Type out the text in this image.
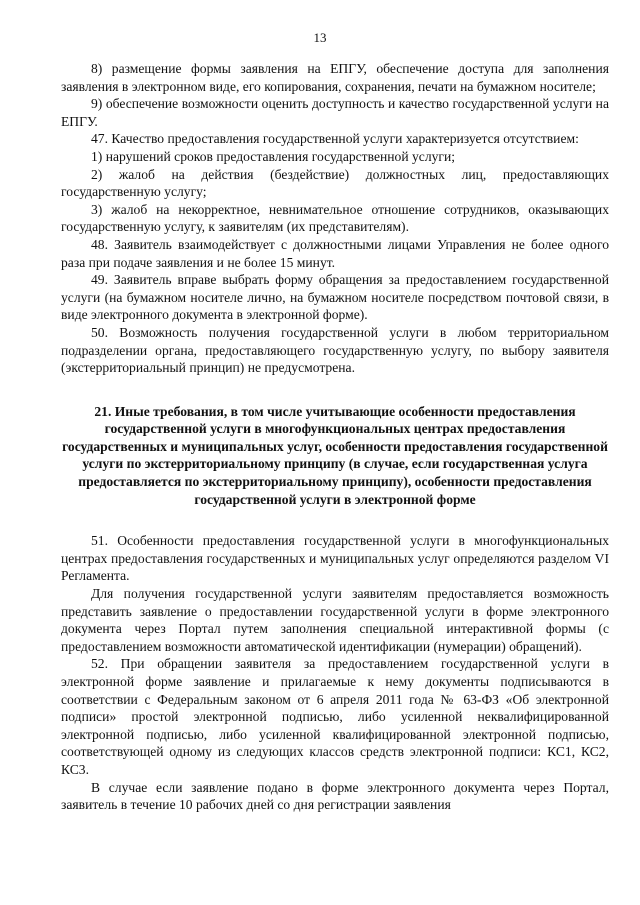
13

8) размещение формы заявления на ЕПГУ, обеспечение доступа для заполнения заявления в электронном виде, его копирования, сохранения, печати на бумажном носителе;

9) обеспечение возможности оценить доступность и качество государственной услуги на ЕПГУ.

47. Качество предоставления государственной услуги характеризуется отсутствием:

1) нарушений сроков предоставления государственной услуги;

2) жалоб на действия (бездействие) должностных лиц, предоставляющих государственную услугу;

3) жалоб на некорректное, невнимательное отношение сотрудников, оказывающих государственную услугу, к заявителям (их представителям).

48. Заявитель взаимодействует с должностными лицами Управления не более одного раза при подаче заявления и не более 15 минут.

49. Заявитель вправе выбрать форму обращения за предоставлением государственной услуги (на бумажном носителе лично, на бумажном носителе посредством почтовой связи, в виде электронного документа в электронной форме).

50. Возможность получения государственной услуги в любом территориальном подразделении органа, предоставляющего государственную услугу, по выбору заявителя (экстерриториальный принцип) не предусмотрена.

21. Иные требования, в том числе учитывающие особенности предоставления государственной услуги в многофункциональных центрах предоставления государственных и муниципальных услуг, особенности предоставления государственной услуги по экстерриториальному принципу (в случае, если государственная услуга предоставляется по экстерриториальному принципу), особенности предоставления государственной услуги в электронной форме

51. Особенности предоставления государственной услуги в многофункциональных центрах предоставления государственных и муниципальных услуг определяются разделом VI Регламента.

Для получения государственной услуги заявителям предоставляется возможность представить заявление о предоставлении государственной услуги в форме электронного документа через Портал путем заполнения специальной интерактивной формы (с предоставлением возможности автоматической идентификации (нумерации) обращений).

52. При обращении заявителя за предоставлением государственной услуги в электронной форме заявление и прилагаемые к нему документы подписываются в соответствии с Федеральным законом от 6 апреля 2011 года № 63-ФЗ «Об электронной подписи» простой электронной подписью, либо усиленной неквалифицированной электронной подписью, либо усиленной квалифицированной электронной подписью, соответствующей одному из следующих классов средств электронной подписи: КС1, КС2, КС3.

В случае если заявление подано в форме электронного документа через Портал, заявитель в течение 10 рабочих дней со дня регистрации заявления
